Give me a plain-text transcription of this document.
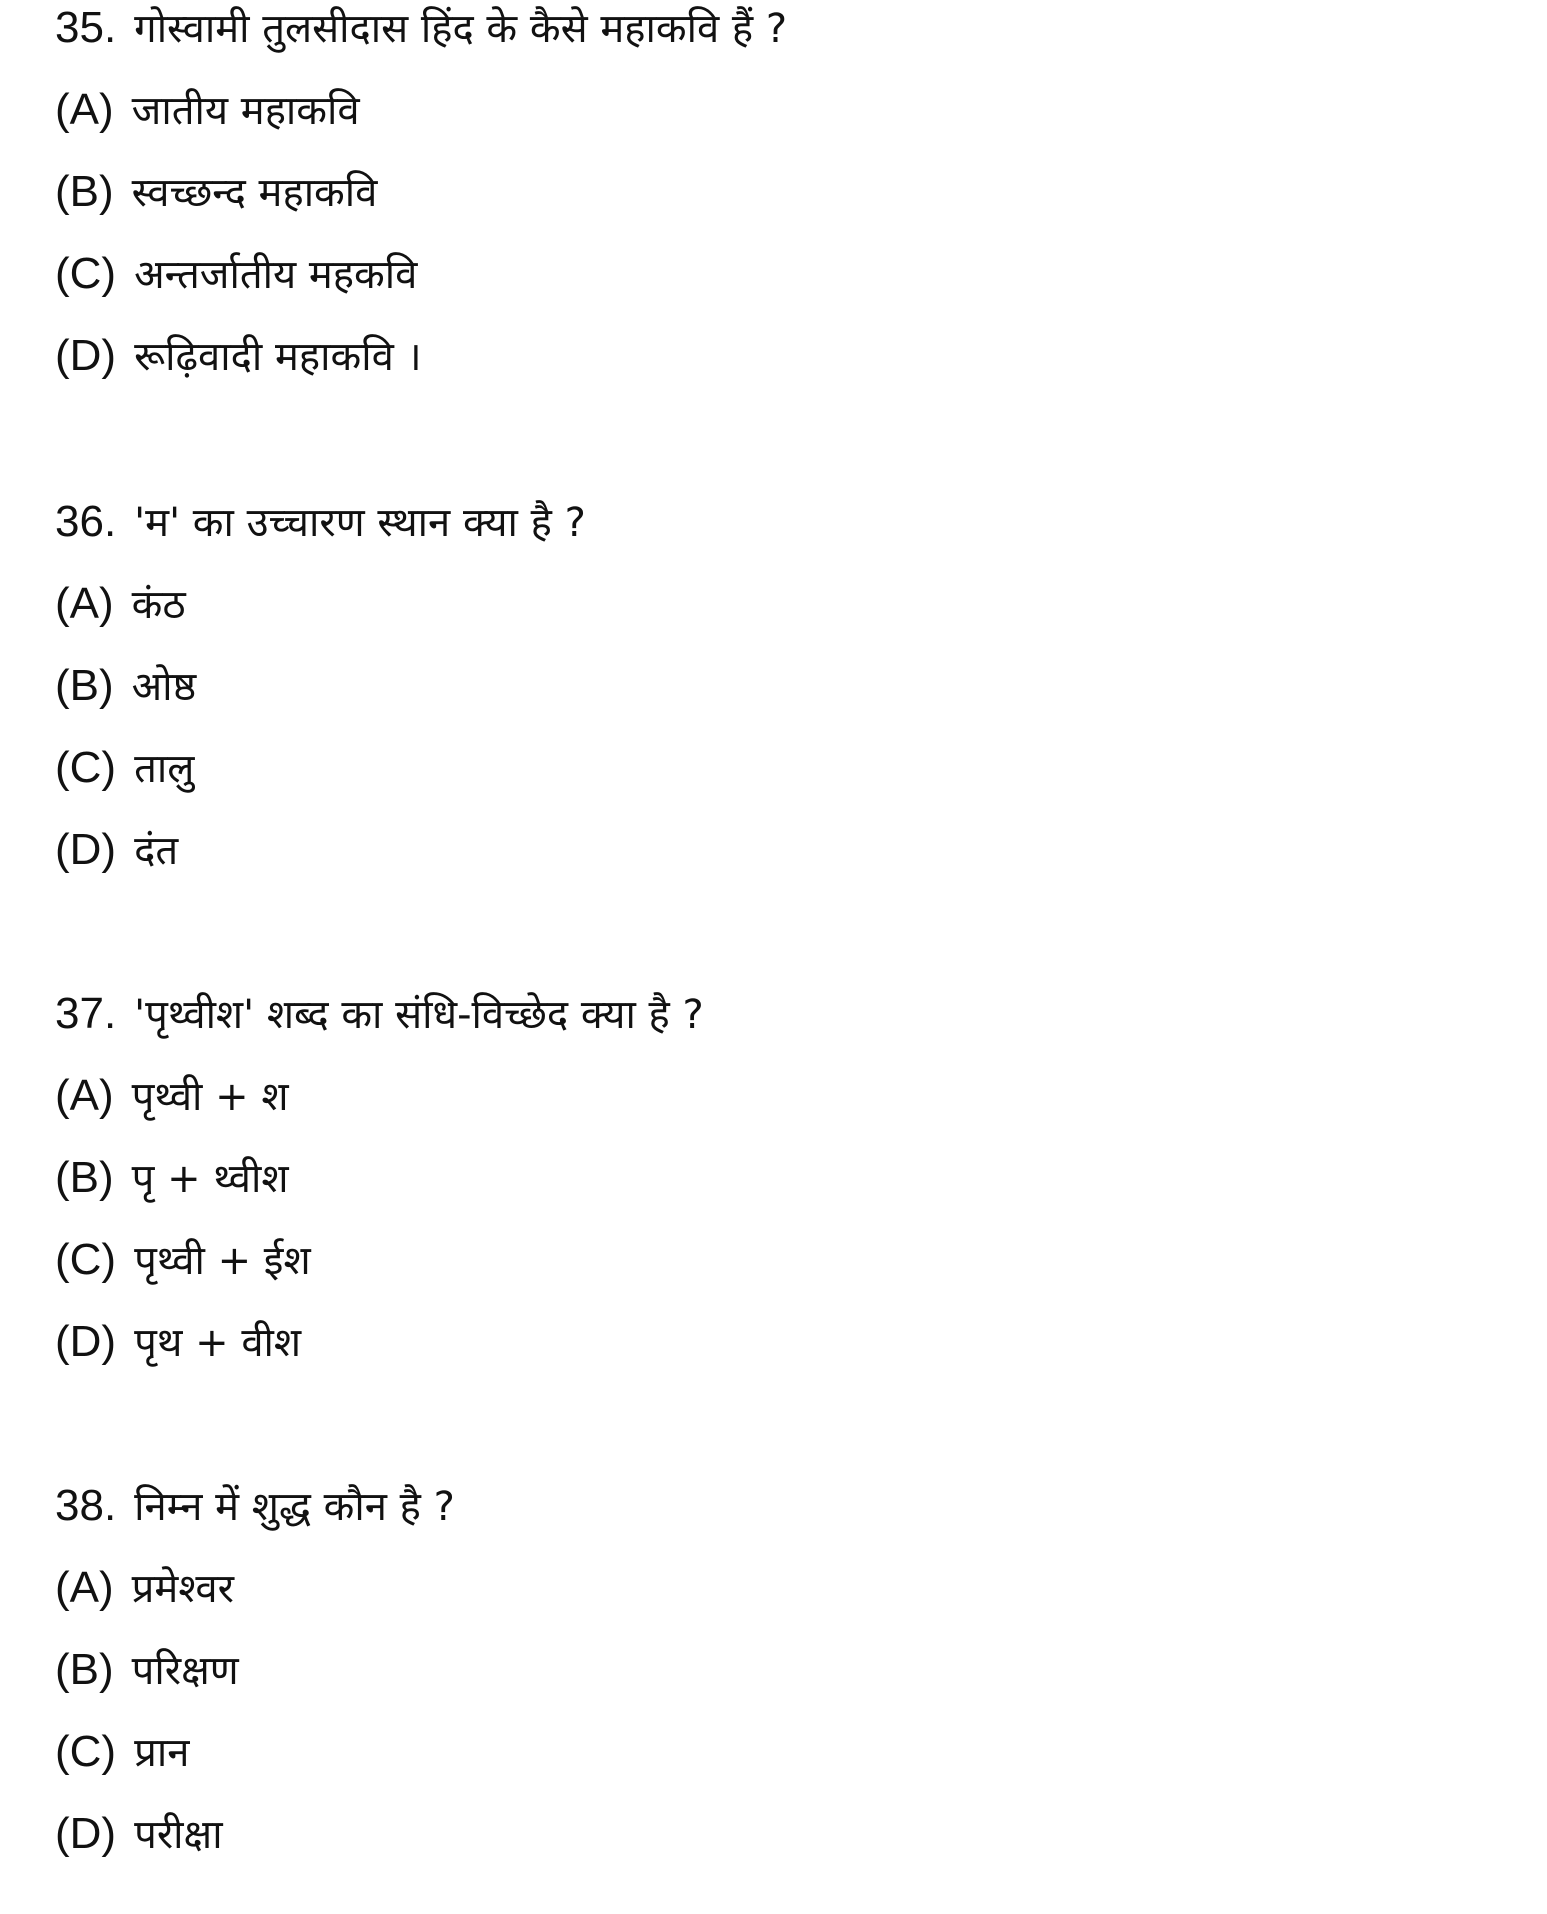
35. गोस्वामी तुलसीदास हिंद के कैसे महाकवि हैं ?
(A) जातीय महाकवि
(B) स्वच्छन्द महाकवि
(C) अन्तर्जातीय महकवि
(D) रूढ़िवादी महाकवि ।
36. 'म' का उच्चारण स्थान क्या है ?
(A) कंठ
(B) ओष्ठ
(C) तालु
(D) दंत
37. 'पृथ्वीश' शब्द का संधि-विच्छेद क्या है ?
(A) पृथ्वी + श
(B) पृ + थ्वीश
(C) पृथ्वी + ईश
(D) पृथ + वीश
38. निम्न में शुद्ध कौन है ?
(A) प्रमेश्वर
(B) परिक्षण
(C) प्रान
(D) परीक्षा
